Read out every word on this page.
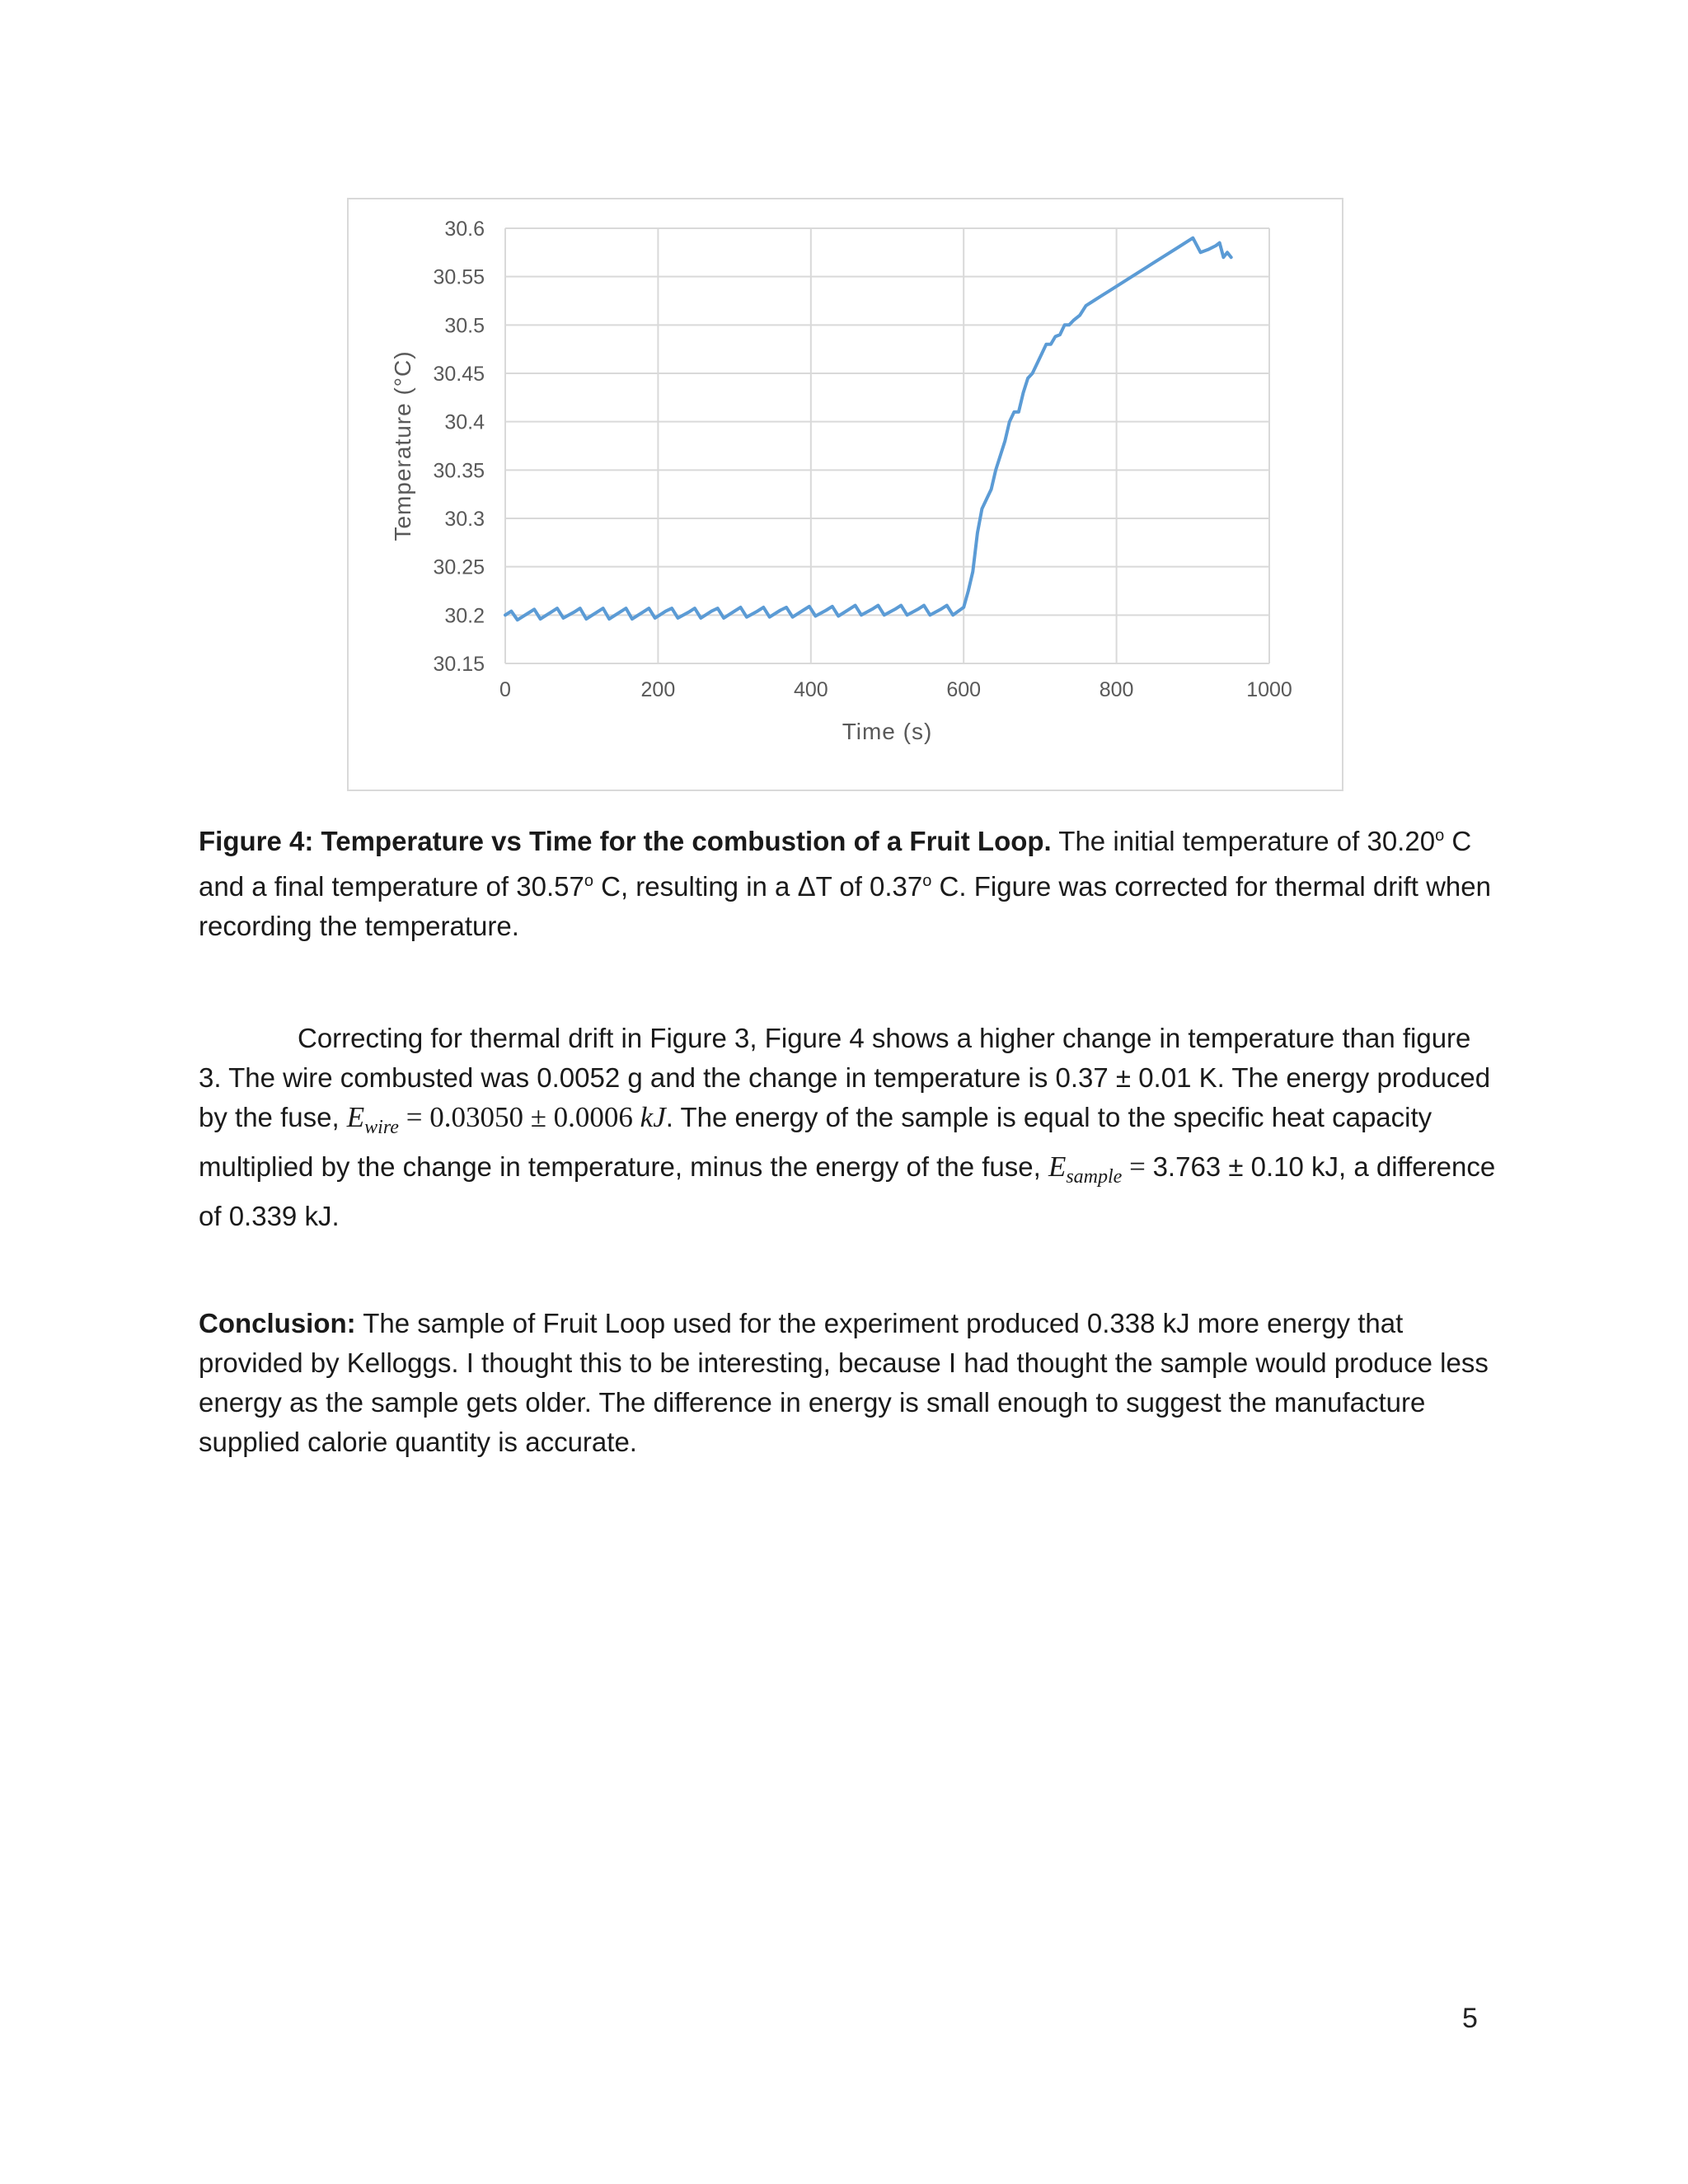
0	200	400	600	800	1000
30.6
30.55
30.5
30.45
30.4
30.35
30.3
30.25
30.2
30.15
Time (s)
Temperature (°C)
Figure 4: Temperature vs Time for the combustion of a Fruit Loop. The initial temperature of 30.20$^o$ C and a final temperature of 30.57$^o$ C, resulting in a ΔT of 0.37$^o$ C. Figure was corrected for thermal drift when recording the temperature.
Correcting for thermal drift in Figure 3, Figure 4 shows a higher change in temperature than figure 3. The wire combusted was 0.0052 g and the change in temperature is 0.37 ± 0.01 K. The energy produced by the fuse, $E_{wire} = 0.03050 \pm 0.0006$ kJ. The energy of the sample is equal to the specific heat capacity multiplied by the change in temperature, minus the energy of the fuse, $E_{sample} = 3.763 \pm 0.10$ kJ, a difference of 0.339 kJ.
Conclusion: The sample of Fruit Loop used for the experiment produced 0.338 kJ more energy that provided by Kelloggs. I thought this to be interesting, because I had thought the sample would produce less energy as the sample gets older. The difference in energy is small enough to suggest the manufacture supplied calorie quantity is accurate.
5
